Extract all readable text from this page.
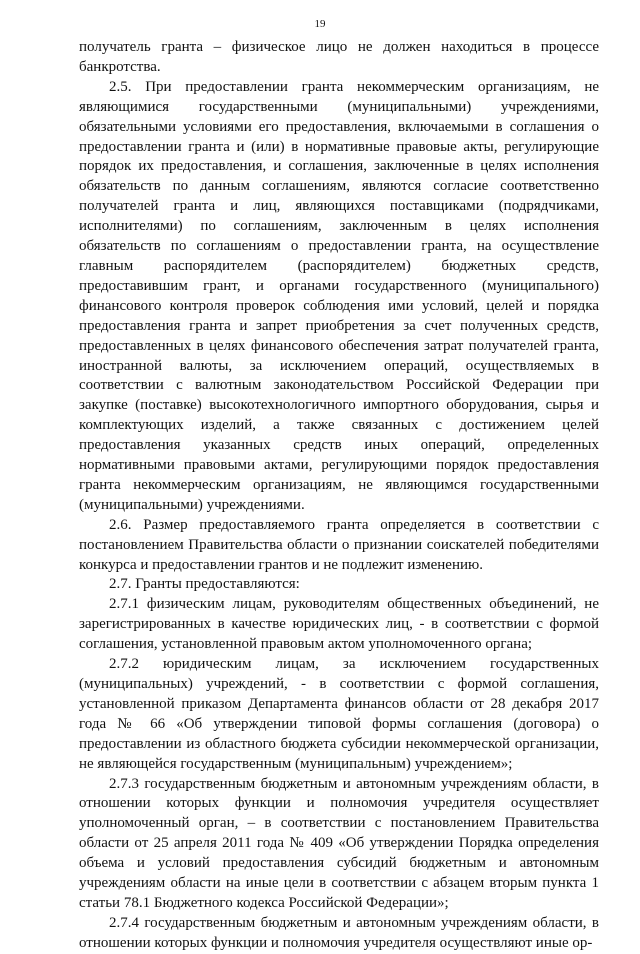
19

получатель гранта – физическое лицо не должен находиться в процессе банкротства.

2.5. При предоставлении гранта некоммерческим организациям, не являющимися государственными (муниципальными) учреждениями, обязательными условиями его предоставления, включаемыми в соглашения о предоставлении гранта и (или) в нормативные правовые акты, регулирующие порядок их предоставления, и соглашения, заключенные в целях исполнения обязательств по данным соглашениям, являются согласие соответственно получателей гранта и лиц, являющихся поставщиками (подрядчиками, исполнителями) по соглашениям, заключенным в целях исполнения обязательств по соглашениям о предоставлении гранта, на осуществление главным распорядителем (распорядителем) бюджетных средств, предоставившим грант, и органами государственного (муниципального) финансового контроля проверок соблюдения ими условий, целей и порядка предоставления гранта и запрет приобретения за счет полученных средств, предоставленных в целях финансового обеспечения затрат получателей гранта, иностранной валюты, за исключением операций, осуществляемых в соответствии с валютным законодательством Российской Федерации при закупке (поставке) высокотехнологичного импортного оборудования, сырья и комплектующих изделий, а также связанных с достижением целей предоставления указанных средств иных операций, определенных нормативными правовыми актами, регулирующими порядок предоставления гранта некоммерческим организациям, не являющимся государственными (муниципальными) учреждениями.

2.6. Размер предоставляемого гранта определяется в соответствии с постановлением Правительства области о признании соискателей победителями конкурса и предоставлении грантов и не подлежит изменению.

2.7. Гранты предоставляются:

2.7.1 физическим лицам, руководителям общественных объединений, не зарегистрированных в качестве юридических лиц, - в соответствии с формой соглашения, установленной правовым актом уполномоченного органа;

2.7.2 юридическим лицам, за исключением государственных (муниципальных) учреждений, - в соответствии с формой соглашения, установленной приказом Департамента финансов области от 28 декабря 2017 года № 66 «Об утверждении типовой формы соглашения (договора) о предоставлении из областного бюджета субсидии некоммерческой организации, не являющейся государственным (муниципальным) учреждением»;

2.7.3 государственным бюджетным и автономным учреждениям области, в отношении которых функции и полномочия учредителя осуществляет уполномоченный орган, – в соответствии с постановлением Правительства области от 25 апреля 2011 года № 409 «Об утверждении Порядка определения объема и условий предоставления субсидий бюджетным и автономным учреждениям области на иные цели в соответствии с абзацем вторым пункта 1 статьи 78.1 Бюджетного кодекса Российской Федерации»;

2.7.4 государственным бюджетным и автономным учреждениям области, в отношении которых функции и полномочия учредителя осуществляют иные ор-
